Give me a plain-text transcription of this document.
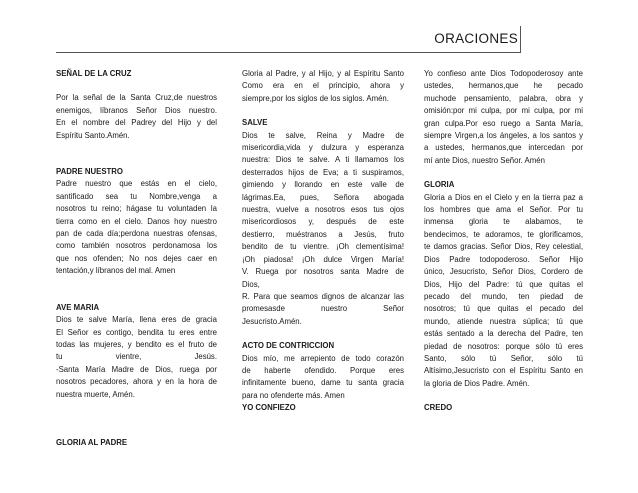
ORACIONES
SEÑAL DE LA CRUZ

Por la señal de la Santa Cruz,de nuestros

enemigos, líbranos Señor Dios nuestro.

En el nombre del Padrey del Hijo y del

Espíritu Santo.Amén.

PADRE NUESTRO

Padre nuestro que estás en el cielo,

santificado sea tu Nombre,venga a

nosotros tu reino; hágase tu voluntaden la

tierra como en el cielo. Danos hoy nuestro

pan de cada día;perdona nuestras ofensas,

como también nosotros perdonamosa los

que nos ofenden; No nos dejes caer en

tentación,y líbranos del mal. Amen

AVE MARIA

Dios te salve María, llena eres de gracia

El Señor es contigo, bendita tu eres entre

todas las mujeres, y bendito es el fruto de

tu vientre, Jesús.

-Santa María Madre de Dios, ruega por

nosotros pecadores, ahora y en la hora de

nuestra muerte, Amén.

GLORIA AL PADRE

Gloria al Padre, y al Hijo, y al Espíritu Santo

Como era en el principio, ahora y

siempre,por los siglos de los siglos. Amén.

SALVE

Dios te salve, Reina y Madre de

misericordia,vida y dulzura y esperanza

nuestra: Dios te salve. A ti llamamos los

desterrados hijos de Eva; a ti suspiramos,

gimiendo y llorando en este valle de

lágrimas.Ea, pues, Señora abogada

nuestra, vuelve a nosotros esos tus ojos

misericordiosos y, después de este

destierro, muéstranos a Jesús, fruto

bendito de tu vientre. ¡Oh clementísima!

¡Oh piadosa! ¡Oh dulce Virgen María!

V. Ruega por nosotros santa Madre de

Dios,

R. Para que seamos dignos de alcanzar las

promesasde nuestro Señor

Jesucristo.Amén.

ACTO DE CONTRICCION

Dios mío, me arrepiento de todo corazón

de haberte ofendido. Porque eres

infinitamente bueno, dame tu santa gracia

para no ofenderte más. Amen

YO CONFIEZO

Yo confieso ante Dios Todopoderosoy ante

ustedes, hermanos,que he pecado

muchode pensamiento, palabra, obra y

omisión:por mi culpa, por mi culpa, por mi

gran culpa.Por eso ruego a Santa María,

siempre Virgen,a los ángeles, a los santos y

a ustedes, hermanos,que intercedan por

mí ante Dios, nuestro Señor. Amén

GLORIA

Gloria a Dios en el Cielo y en la tierra paz a

los hombres que ama el Señor. Por tu

inmensa gloria te alabamos, te

bendecimos, te adoramos, te glorificamos,

te damos gracias. Señor Dios, Rey celestial,

Dios Padre todopoderoso. Señor Hijo

único, Jesucristo, Señor Dios, Cordero de

Dios, Hijo del Padre: tú que quitas el

pecado del mundo, ten piedad de

nosotros; tú que quitas el pecado del

mundo, atiende nuestra súplica; tú que

estás sentado a la derecha del Padre, ten

piedad de nosotros: porque sólo tú eres

Santo, sólo tú Señor, sólo tú

Altísimo,Jesucristo con el Espíritu Santo en

la gloria de Dios Padre. Amén.

CREDO
